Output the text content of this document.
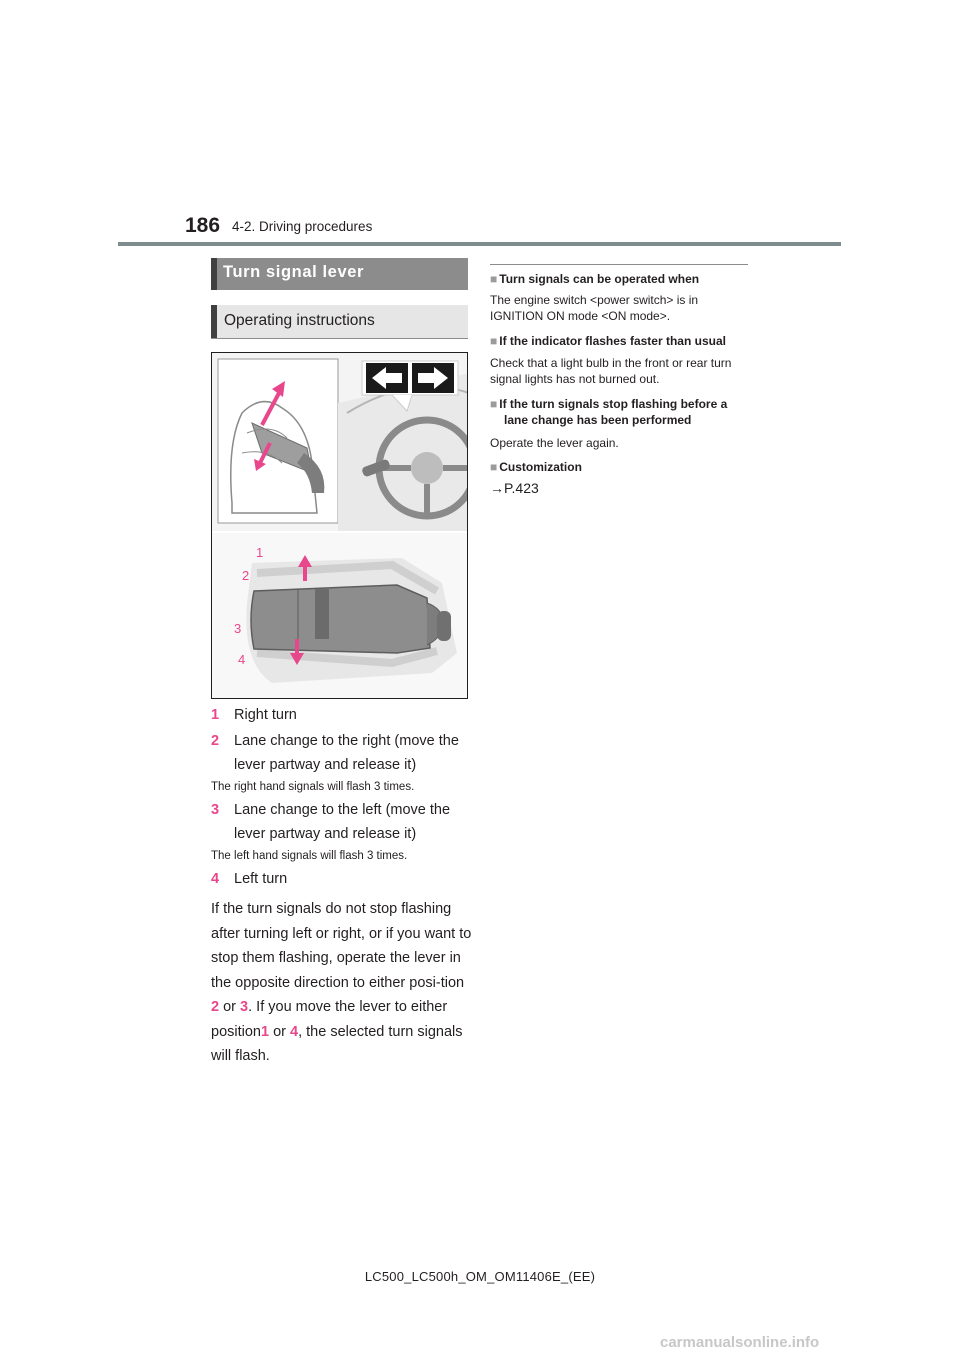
186 4-2. Driving procedures
Turn signal lever
Operating instructions
1
2
3
4
1 Right turn
2 Lane change to the right (move the lever partway and release it)
The right hand signals will flash 3 times.
3 Lane change to the left (move the lever partway and release it)
The left hand signals will flash 3 times.
4 Left turn
If the turn signals do not stop flashing after turning left or right, or if you want to stop them flashing, operate the lever in the opposite direction to either posi-tion 2 or 3. If you move the lever to either position1 or 4, the selected turn signals will flash.
■ Turn signals can be operated when
The engine switch <power switch> is in IGNITION ON mode <ON mode>.
■ If the indicator flashes faster than usual
Check that a light bulb in the front or rear turn signal lights has not burned out.
■ If the turn signals stop flashing before a lane change has been performed
Operate the lever again.
■ Customization
→P.423
LC500_LC500h_OM_OM11406E_(EE)
carmanualsonline.info
